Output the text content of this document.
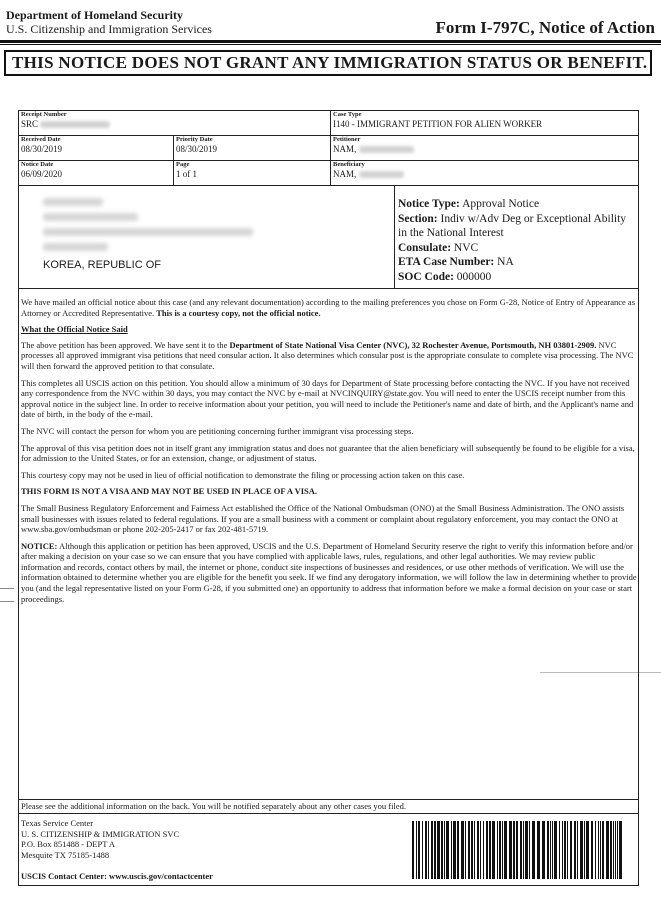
Department of Homeland Security
U.S. Citizenship and Immigration Services	Form I-797C, Notice of Action
THIS NOTICE DOES NOT GRANT ANY IMMIGRATION STATUS OR BENEFIT.
Receipt Number
SRC
Case Type
I140 - IMMIGRANT PETITION FOR ALIEN WORKER
Received Date
08/30/2019
Priority Date
08/30/2019
Petitioner
NAM,
Notice Date
06/09/2020
Page
1 of 1
Beneficiary
NAM,
KOREA, REPUBLIC OF
Notice Type: Approval Notice
Section: Indiv w/Adv Deg or Exceptional Ability in the National Interest
Consulate: NVC
ETA Case Number: NA
SOC Code: 000000

We have mailed an official notice about this case (and any relevant documentation) according to the mailing preferences you chose on Form G-28, Notice of Entry of Appearance as Attorney or Accredited Representative. This is a courtesy copy, not the official notice.

What the Official Notice Said

The above petition has been approved. We have sent it to the Department of State National Visa Center (NVC), 32 Rochester Avenue, Portsmouth, NH 03801-2909. NVC processes all approved immigrant visa petitions that need consular action. It also determines which consular post is the appropriate consulate to complete visa processing. The NVC will then forward the approved petition to that consulate.

This completes all USCIS action on this petition. You should allow a minimum of 30 days for Department of State processing before contacting the NVC. If you have not received any correspondence from the NVC within 30 days, you may contact the NVC by e-mail at NVCINQUIRY@state.gov. You will need to enter the USCIS receipt number from this approval notice in the subject line. In order to receive information about your petition, you will need to include the Petitioner's name and date of birth, and the Applicant's name and date of birth, in the body of the e-mail.

The NVC will contact the person for whom you are petitioning concerning further immigrant visa processing steps.

The approval of this visa petition does not in itself grant any immigration status and does not guarantee that the alien beneficiary will subsequently be found to be eligible for a visa, for admission to the United States, or for an extension, change, or adjustment of status.

This courtesy copy may not be used in lieu of official notification to demonstrate the filing or processing action taken on this case.

THIS FORM IS NOT A VISA AND MAY NOT BE USED IN PLACE OF A VISA.

The Small Business Regulatory Enforcement and Fairness Act established the Office of the National Ombudsman (ONO) at the Small Business Administration. The ONO assists small businesses with issues related to federal regulations. If you are a small business with a comment or complaint about regulatory enforcement, you may contact the ONO at www.sba.gov/ombudsman or phone 202-205-2417 or fax 202-481-5719.

NOTICE: Although this application or petition has been approved, USCIS and the U.S. Department of Homeland Security reserve the right to verify this information before and/or after making a decision on your case so we can ensure that you have complied with applicable laws, rules, regulations, and other legal authorities. We may review public information and records, contact others by mail, the internet or phone, conduct site inspections of businesses and residences, or use other methods of verification. We will use the information obtained to determine whether you are eligible for the benefit you seek. If we find any derogatory information, we will follow the law in determining whether to provide you (and the legal representative listed on your Form G-28, if you submitted one) an opportunity to address that information before we make a formal decision on your case or start proceedings.

Please see the additional information on the back. You will be notified separately about any other cases you filed.
Texas Service Center
U. S. CITIZENSHIP & IMMIGRATION SVC
P.O. Box 851488 - DEPT A
Mesquite TX 75185-1488
USCIS Contact Center: www.uscis.gov/contactcenter
